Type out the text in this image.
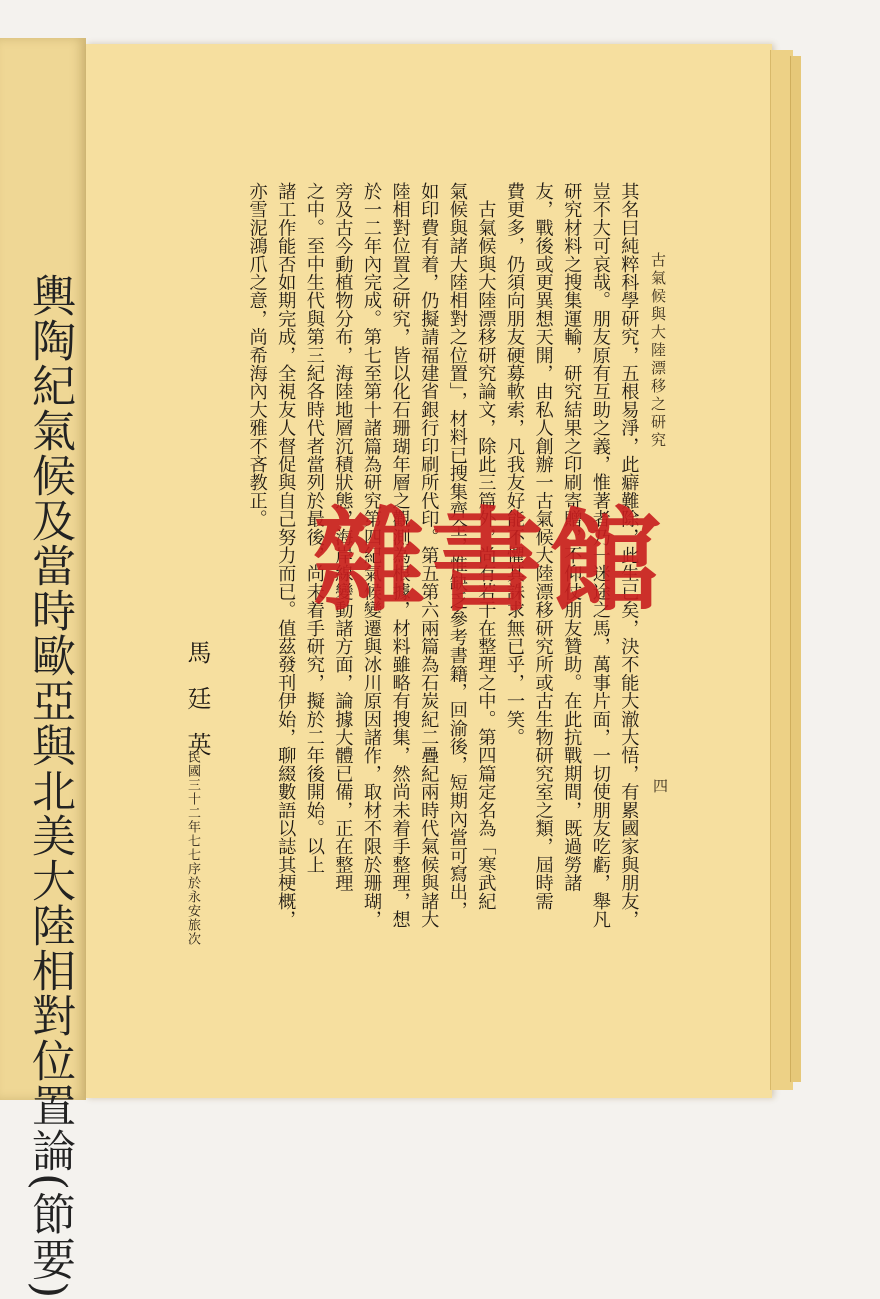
輿陶紀氣候及當時歐亞與北美大陸相對位置論(節要)	古氣候與大陸漂移之研究
四
其名曰純粹科學研究，五根易淨，此癖難除，此生已矣，決不能大澈大悟，有累國家與朋友，
豈不大可哀哉。朋友原有互助之義，惟著者乃一迷途之馬，萬事片面，一切使朋友吃虧，舉凡
研究材料之搜集運輸，研究結果之印刷寄贈，不仰仗朋友贊助。在此抗戰期間，既過勞諸
友，戰後或更異想天開，由私人創辦一古氣候大陸漂移研究所或古生物研究室之類，屆時需
費更多，仍須向朋友硬募軟索，凡我友好能不懼其誅求無已乎，一笑。
　古氣候與大陸漂移研究論文，除此三篇外，尚有若干在整理之中。第四篇定名為「寒武紀
氣候與諸大陸相對之位置」，材料已搜集齊全，惟缺乏參考書籍，回渝後，短期內當可寫出，
如印費有着，仍擬請福建省銀行印刷所代印。第五第六兩篇為石炭紀二疊紀兩時代氣候與諸大
陸相對位置之研究，皆以化石珊瑚年層之觀測為根據，材料雖略有搜集，然尚未着手整理，想
於一二年內完成。第七至第十諸篇為研究第四紀氣候變遷與冰川原因諸作，取材不限於珊瑚，
旁及古今動植物分布，海陸地層沉積狀態，海岸線變動諸方面，論據大體已備，正在整理
之中。至中生代與第三紀各時代者當列於最後，尚未着手研究，擬於二年後開始。以上
諸工作能否如期完成，全視友人督促與自己努力而已。值茲發刊伊始，聊綴數語以誌其梗概，
亦雪泥鴻爪之意，尚希海內大雅不吝教正。
馬廷英
民國三十二年七七序於永安旅次
雜書館
